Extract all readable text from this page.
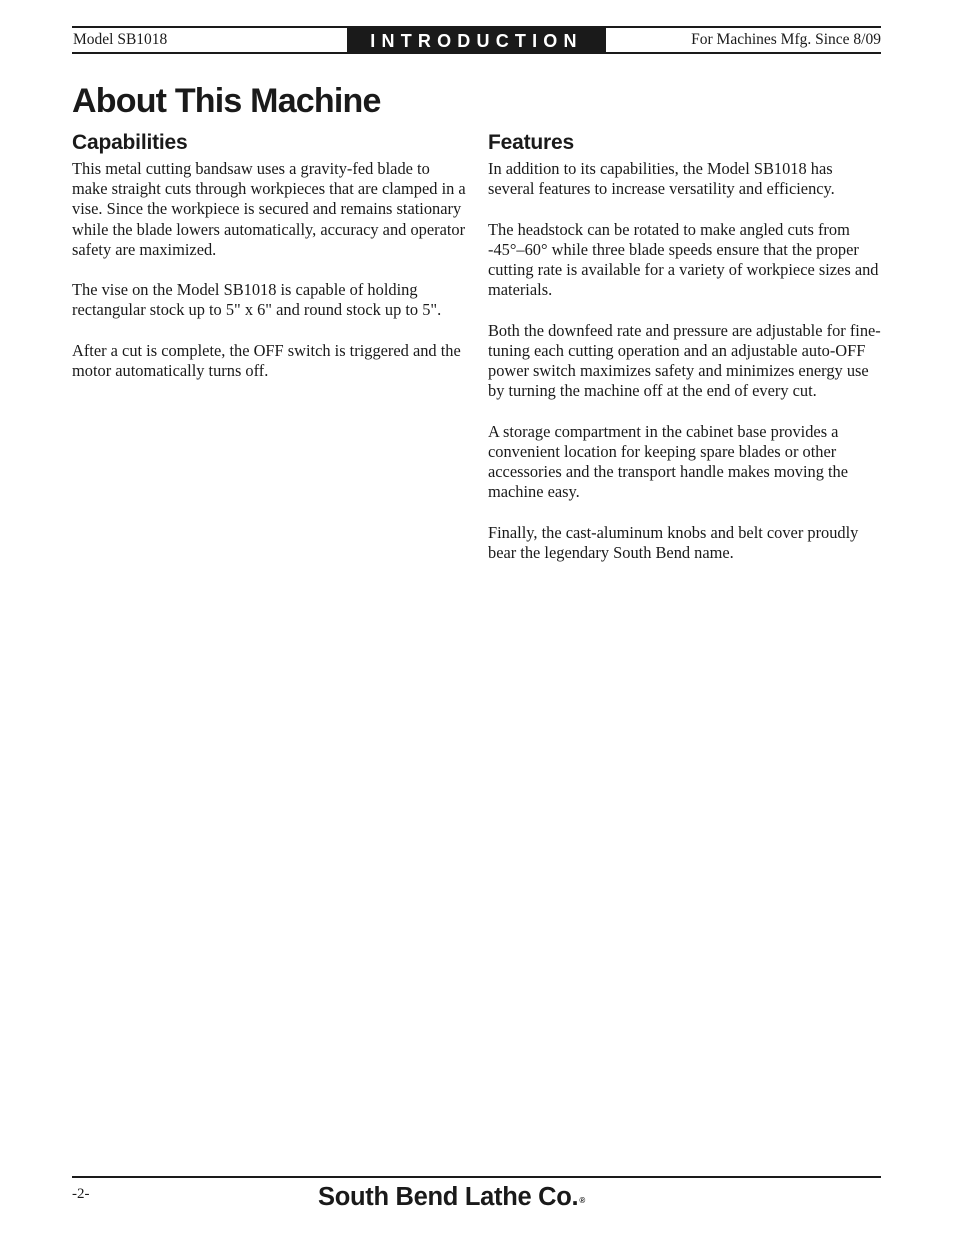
Model SB1018	INTRODUCTION	For Machines Mfg. Since 8/09
About This Machine
Capabilities

This metal cutting bandsaw uses a gravity-fed blade to make straight cuts through workpieces that are clamped in a vise. Since the workpiece is secured and remains stationary while the blade lowers automatically, accuracy and operator safety are maximized.

The vise on the Model SB1018 is capable of holding rectangular stock up to 5" x 6" and round stock up to 5".

After a cut is complete, the OFF switch is triggered and the motor automatically turns off.

Features

In addition to its capabilities, the Model SB1018 has several features to increase versatility and efficiency.

The headstock can be rotated to make angled cuts from -45°–60° while three blade speeds ensure that the proper cutting rate is available for a variety of workpiece sizes and materials.

Both the downfeed rate and pressure are adjustable for fine-tuning each cutting operation and an adjustable auto-OFF power switch maximizes safety and minimizes energy use by turning the machine off at the end of every cut.

A storage compartment in the cabinet base provides a convenient location for keeping spare blades or other accessories and the transport handle makes moving the machine easy.

Finally, the cast-aluminum knobs and belt cover proudly bear the legendary South Bend name.

-2-	South Bend Lathe Co.®
